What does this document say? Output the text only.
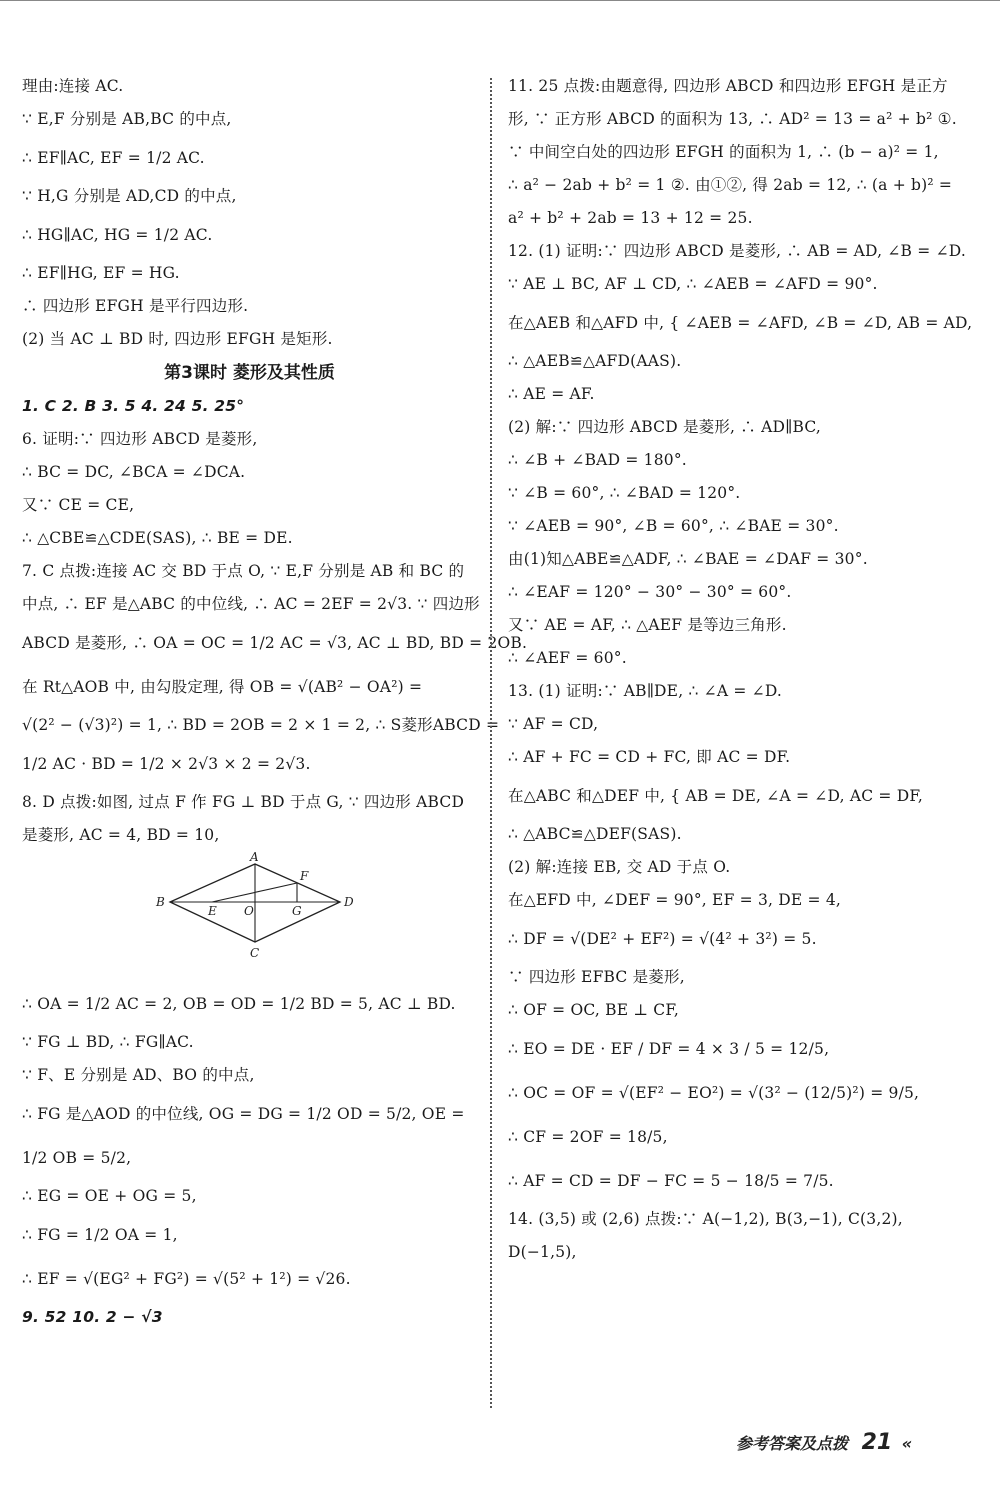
理由:连接 AC.
∵ E,F 分别是 AB,BC 的中点,
∴ EF∥AC, EF = 1/2 AC.
∵ H,G 分别是 AD,CD 的中点,
∴ HG∥AC, HG = 1/2 AC.
∴ EF∥HG, EF = HG.
∴ 四边形 EFGH 是平行四边形.
(2) 当 AC ⊥ BD 时, 四边形 EFGH 是矩形.
第3课时 菱形及其性质
1. C 2. B 3. 5 4. 24 5. 25°
6. 证明:∵ 四边形 ABCD 是菱形,
∴ BC = DC, ∠BCA = ∠DCA.
又∵ CE = CE,
∴ △CBE≌△CDE(SAS), ∴ BE = DE.
7. C 点拨:连接 AC 交 BD 于点 O, ∵ E,F 分别是 AB 和 BC 的
中点, ∴ EF 是△ABC 的中位线, ∴ AC = 2EF = 2√3. ∵ 四边形
ABCD 是菱形, ∴ OA = OC = 1/2 AC = √3, AC ⊥ BD, BD = 2OB.
在 Rt△AOB 中, 由勾股定理, 得 OB = √(AB² − OA²) =
√(2² − (√3)²) = 1, ∴ BD = 2OB = 2 × 1 = 2, ∴ S菱形ABCD =
1/2 AC · BD = 1/2 × 2√3 × 2 = 2√3.
8. D 点拨:如图, 过点 F 作 FG ⊥ BD 于点 G, ∵ 四边形 ABCD
是菱形, AC = 4, BD = 10,
A
B
C
D
E
F
G
O
∴ OA = 1/2 AC = 2, OB = OD = 1/2 BD = 5, AC ⊥ BD.
∵ FG ⊥ BD, ∴ FG∥AC.
∵ F、E 分别是 AD、BO 的中点,
∴ FG 是△AOD 的中位线, OG = DG = 1/2 OD = 5/2, OE =
1/2 OB = 5/2,
∴ EG = OE + OG = 5,
∴ FG = 1/2 OA = 1,
∴ EF = √(EG² + FG²) = √(5² + 1²) = √26.
9. 52 10. 2 − √3
11. 25 点拨:由题意得, 四边形 ABCD 和四边形 EFGH 是正方
形, ∵ 正方形 ABCD 的面积为 13, ∴ AD² = 13 = a² + b² ①.
∵ 中间空白处的四边形 EFGH 的面积为 1, ∴ (b − a)² = 1,
∴ a² − 2ab + b² = 1 ②. 由①②, 得 2ab = 12, ∴ (a + b)² =
a² + b² + 2ab = 13 + 12 = 25.
12. (1) 证明:∵ 四边形 ABCD 是菱形, ∴ AB = AD, ∠B = ∠D.
∵ AE ⊥ BC, AF ⊥ CD, ∴ ∠AEB = ∠AFD = 90°.
在△AEB 和△AFD 中, { ∠AEB = ∠AFD, ∠B = ∠D, AB = AD,
∴ △AEB≌△AFD(AAS).
∴ AE = AF.
(2) 解:∵ 四边形 ABCD 是菱形, ∴ AD∥BC,
∴ ∠B + ∠BAD = 180°.
∵ ∠B = 60°, ∴ ∠BAD = 120°.
∵ ∠AEB = 90°, ∠B = 60°, ∴ ∠BAE = 30°.
由(1)知△ABE≌△ADF, ∴ ∠BAE = ∠DAF = 30°.
∴ ∠EAF = 120° − 30° − 30° = 60°.
又∵ AE = AF, ∴ △AEF 是等边三角形.
∴ ∠AEF = 60°.
13. (1) 证明:∵ AB∥DE, ∴ ∠A = ∠D.
∵ AF = CD,
∴ AF + FC = CD + FC, 即 AC = DF.
在△ABC 和△DEF 中, { AB = DE, ∠A = ∠D, AC = DF,
∴ △ABC≌△DEF(SAS).
(2) 解:连接 EB, 交 AD 于点 O.
在△EFD 中, ∠DEF = 90°, EF = 3, DE = 4,
∴ DF = √(DE² + EF²) = √(4² + 3²) = 5.
∵ 四边形 EFBC 是菱形,
∴ OF = OC, BE ⊥ CF,
∴ EO = DE · EF / DF = 4 × 3 / 5 = 12/5,
∴ OC = OF = √(EF² − EO²) = √(3² − (12/5)²) = 9/5,
∴ CF = 2OF = 18/5,
∴ AF = CD = DF − FC = 5 − 18/5 = 7/5.
14. (3,5) 或 (2,6) 点拨:∵ A(−1,2), B(3,−1), C(3,2),
D(−1,5),
参考答案及点拨 21 «
